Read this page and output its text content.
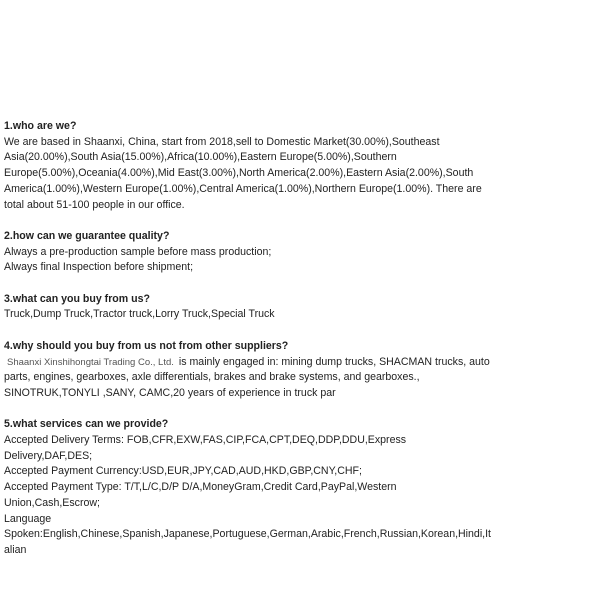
1.who are we?
We are based in Shaanxi, China, start from 2018,sell to Domestic Market(30.00%),Southeast Asia(20.00%),South Asia(15.00%),Africa(10.00%),Eastern Europe(5.00%),Southern Europe(5.00%),Oceania(4.00%),Mid East(3.00%),North America(2.00%),Eastern Asia(2.00%),South America(1.00%),Western Europe(1.00%),Central America(1.00%),Northern Europe(1.00%). There are total about 51-100 people in our office.
2.how can we guarantee quality?
Always a pre-production sample before mass production;
Always final Inspection before shipment;
3.what can you buy from us?
Truck,Dump Truck,Tractor truck,Lorry Truck,Special Truck
4.why should you buy from us not from other suppliers?
Shaanxi Xinshihongtai Trading Co., Ltd. is mainly engaged in: mining dump trucks, SHACMAN trucks, auto parts, engines, gearboxes, axle differentials, brakes and brake systems, and gearboxes., SINOTRUK,TONYLI ,SANY, CAMC,20 years of experience in truck par
5.what services can we provide?
Accepted Delivery Terms: FOB,CFR,EXW,FAS,CIP,FCA,CPT,DEQ,DDP,DDU,Express Delivery,DAF,DES;
Accepted Payment Currency:USD,EUR,JPY,CAD,AUD,HKD,GBP,CNY,CHF;
Accepted Payment Type: T/T,L/C,D/P D/A,MoneyGram,Credit Card,PayPal,Western Union,Cash,Escrow;
Language
Spoken:English,Chinese,Spanish,Japanese,Portuguese,German,Arabic,French,Russian,Korean,Hindi,Italian
